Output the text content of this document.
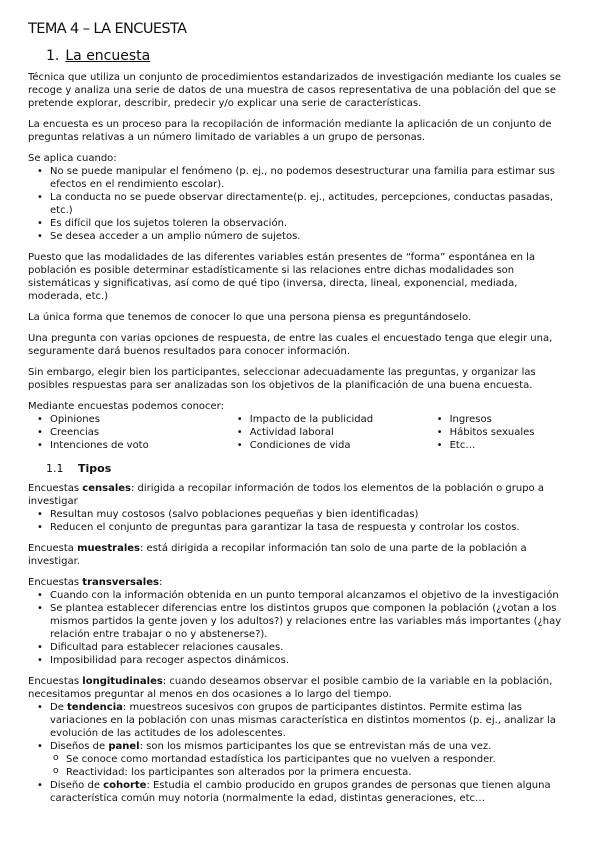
TEMA 4 – LA ENCUESTA
1. La encuesta

Técnica que utiliza un conjunto de procedimientos estandarizados de investigación mediante los cuales se recoge y analiza una serie de datos de una muestra de casos representativa de una población del que se pretende explorar, describir, predecir y/o explicar una serie de características.

La encuesta es un proceso para la recopilación de información mediante la aplicación de un conjunto de preguntas relativas a un número limitado de variables a un grupo de personas.

Se aplica cuando:

• No se puede manipular el fenómeno (p. ej., no podemos desestructurar una familia para estimar sus efectos en el rendimiento escolar).
• La conducta no se puede observar directamente(p. ej., actitudes, percepciones, conductas pasadas, etc.)
• Es difícil que los sujetos toleren la observación.
• Se desea acceder a un amplio número de sujetos.

Puesto que las modalidades de las diferentes variables están presentes de “forma” espontánea en la población es posible determinar estadísticamente si las relaciones entre dichas modalidades son sistemáticas y significativas, así como de qué tipo (inversa, directa, lineal, exponencial, mediada, moderada, etc.)

La única forma que tenemos de conocer lo que una persona piensa es preguntándoselo.

Una pregunta con varias opciones de respuesta, de entre las cuales el encuestado tenga que elegir una, seguramente dará buenos resultados para conocer información.

Sin embargo, elegir bien los participantes, seleccionar adecuadamente las preguntas, y organizar las posibles respuestas para ser analizadas son los objetivos de la planificación de una buena encuesta.

Mediante encuestas podemos conocer:

• Opiniones
• Creencias
• Intenciones de voto
• Impacto de la publicidad
• Actividad laboral
• Condiciones de vida
• Ingresos
• Hábitos sexuales
• Etc…
1.1 Tipos

Encuestas censales: dirigida a recopilar información de todos los elementos de la población o grupo a investigar

• Resultan muy costosos (salvo poblaciones pequeñas y bien identificadas)
• Reducen el conjunto de preguntas para garantizar la tasa de respuesta y controlar los costos.

Encuesta muestrales: está dirigida a recopilar información tan solo de una parte de la población a investigar.

Encuestas transversales:

• Cuando con la información obtenida en un punto temporal alcanzamos el objetivo de la investigación
• Se plantea establecer diferencias entre los distintos grupos que componen la población (¿votan a los mismos partidos la gente joven y los adultos?) y relaciones entre las variables más importantes (¿hay relación entre trabajar o no y abstenerse?).
• Dificultad para establecer relaciones causales.
• Imposibilidad para recoger aspectos dinámicos.

Encuestas longitudinales: cuando deseamos observar el posible cambio de la variable en la población, necesitamos preguntar al menos en dos ocasiones a lo largo del tiempo.

• De tendencia: muestreos sucesivos con grupos de participantes distintos. Permite estima las variaciones en la población con unas mismas característica en distintos momentos (p. ej., analizar la evolución de las actitudes de los adolescentes.
• Diseños de panel: son los mismos participantes los que se entrevistan más de una vez.
o Se conoce como mortandad estadística los participantes que no vuelven a responder.
o Reactividad: los participantes son alterados por la primera encuesta.
• Diseño de cohorte: Estudia el cambio producido en grupos grandes de personas que tienen alguna característica común muy notoria (normalmente la edad, distintas generaciones, etc…
